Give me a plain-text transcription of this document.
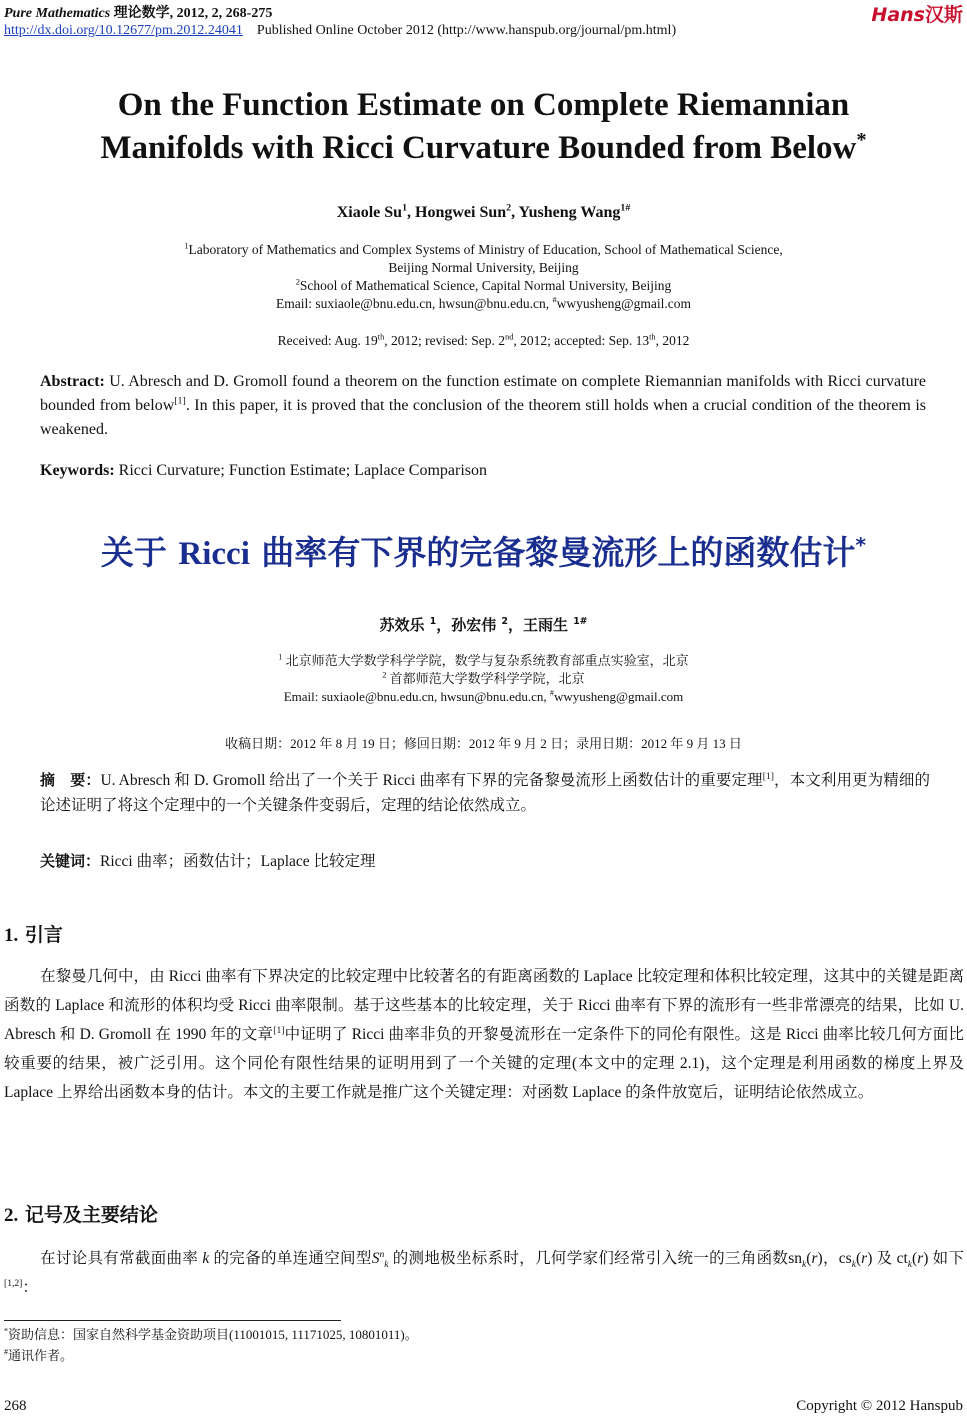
Pure Mathematics 理论数学, 2012, 2, 268-275	Hans汉斯
http://dx.doi.org/10.12677/pm.2012.24041 Published Online October 2012 (http://www.hanspub.org/journal/pm.html)
On the Function Estimate on Complete Riemannian
Manifolds with Ricci Curvature Bounded from Below*
Xiaole Su$^1$, Hongwei Sun$^2$, Yusheng Wang$^{1\#}$
$^1$Laboratory of Mathematics and Complex Systems of Ministry of Education, School of Mathematical Science,
Beijing Normal University, Beijing
$^2$School of Mathematical Science, Capital Normal University, Beijing
Email: suxiaole@bnu.edu.cn, hwsun@bnu.edu.cn, #wwyusheng@gmail.com
Received: Aug. 19th, 2012; revised: Sep. 2nd, 2012; accepted: Sep. 13th, 2012
Abstract: U. Abresch and D. Gromoll found a theorem on the function estimate on complete Riemannian manifolds with Ricci curvature bounded from below[1]. In this paper, it is proved that the conclusion of the theorem still holds when a crucial condition of the theorem is weakened.
Keywords: Ricci Curvature; Function Estimate; Laplace Comparison
关于 Ricci 曲率有下界的完备黎曼流形上的函数估计*
苏效乐 $^1$，孙宏伟 $^2$，王雨生 $^{1\#}$
$^1$ 北京师范大学数学科学学院，数学与复杂系统教育部重点实验室，北京
$^2$ 首都师范大学数学科学学院，北京
Email: suxiaole@bnu.edu.cn, hwsun@bnu.edu.cn, #wwyusheng@gmail.com
收稿日期：2012 年 8 月 19 日；修回日期：2012 年 9 月 2 日；录用日期：2012 年 9 月 13 日
摘　要：U. Abresch 和 D. Gromoll 给出了一个关于 Ricci 曲率有下界的完备黎曼流形上函数估计的重要定理[1]，本文利用更为精细的论述证明了将这个定理中的一个关键条件变弱后，定理的结论依然成立。
关键词：Ricci 曲率；函数估计；Laplace 比较定理
1. 引言
在黎曼几何中，由 Ricci 曲率有下界决定的比较定理中比较著名的有距离函数的 Laplace 比较定理和体积比较定理，这其中的关键是距离函数的 Laplace 和流形的体积均受 Ricci 曲率限制。基于这些基本的比较定理，关于 Ricci 曲率有下界的流形有一些非常漂亮的结果，比如 U. Abresch 和 D. Gromoll 在 1990 年的文章[1]中证明了 Ricci 曲率非负的开黎曼流形在一定条件下的同伦有限性。这是 Ricci 曲率比较几何方面比较重要的结果，被广泛引用。这个同伦有限性结果的证明用到了一个关键的定理(本文中的定理 2.1)，这个定理是利用函数的梯度上界及 Laplace 上界给出函数本身的估计。本文的主要工作就是推广这个关键定理：对函数 Laplace 的条件放宽后，证明结论依然成立。
2. 记号及主要结论
在讨论具有常截面曲率 k 的完备的单连通空间型$S^n_k$ 的测地极坐标系时，几何学家们经常引入统一的三角函数$sn_k(r)$，$cs_k(r)$ 及 $ct_k(r)$ 如下[1,2]：
*资助信息：国家自然科学基金资助项目(11001015, 11171025, 10801011)。
#通讯作者。
268	Copyright © 2012 Hanspub
